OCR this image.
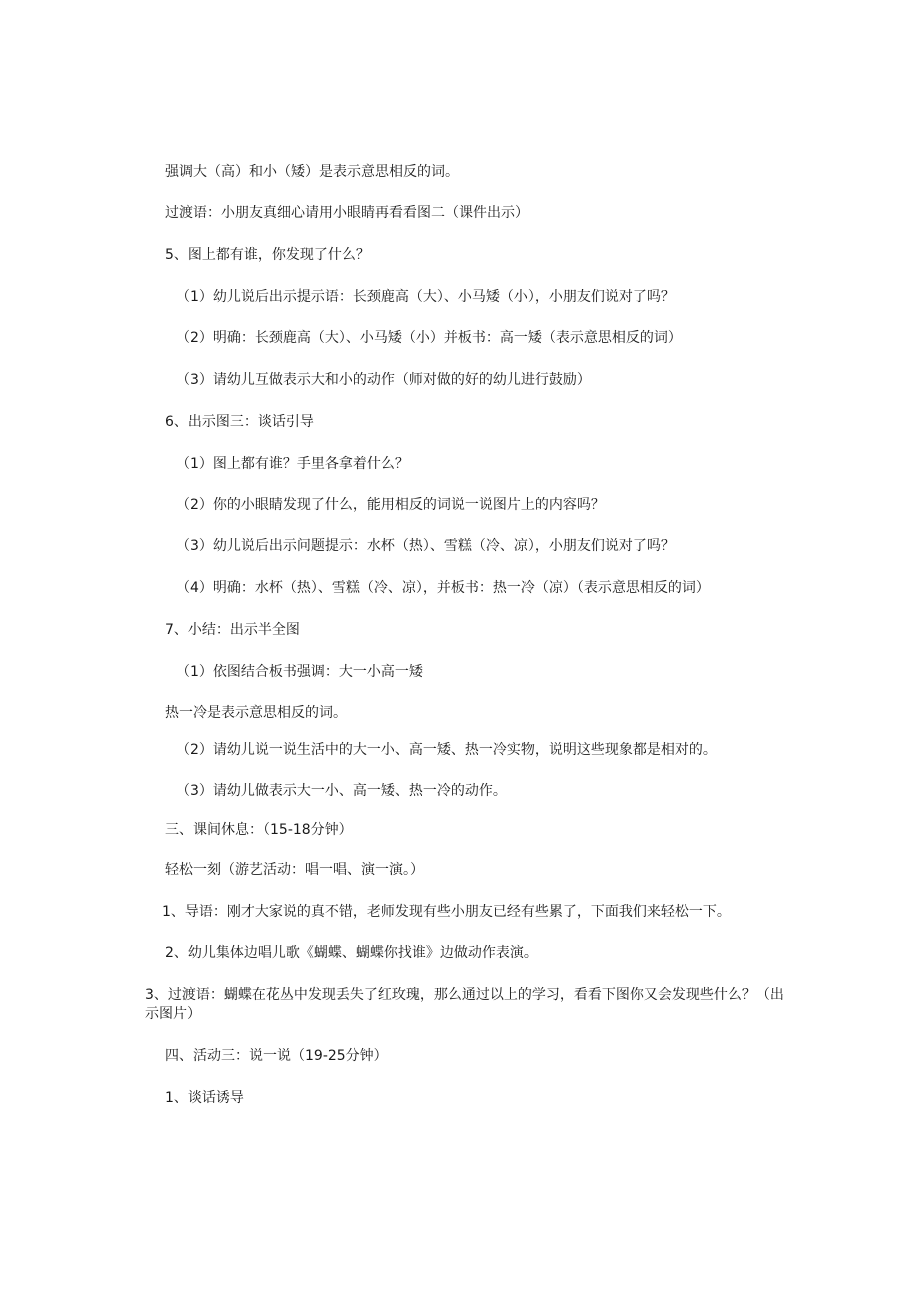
强调大（高）和小（矮）是表示意思相反的词。

过渡语：小朋友真细心请用小眼睛再看看图二（课件出示）

5、图上都有谁，你发现了什么？

（1）幼儿说后出示提示语：长颈鹿高（大）、小马矮（小），小朋友们说对了吗？

（2）明确：长颈鹿高（大）、小马矮（小）并板书：高一矮（表示意思相反的词）

（3）请幼儿互做表示大和小的动作（师对做的好的幼儿进行鼓励）

6、出示图三：谈话引导

（1）图上都有谁？手里各拿着什么？

（2）你的小眼睛发现了什么，能用相反的词说一说图片上的内容吗？

（3）幼儿说后出示问题提示：水杯（热）、雪糕（冷、凉），小朋友们说对了吗？

（4）明确：水杯（热）、雪糕（冷、凉），并板书：热一冷（凉）（表示意思相反的词）

7、小结：出示半全图

（1）依图结合板书强调：大一小高一矮

热一冷是表示意思相反的词。

（2）请幼儿说一说生活中的大一小、高一矮、热一冷实物，说明这些现象都是相对的。

（3）请幼儿做表示大一小、高一矮、热一冷的动作。

三、课间休息：（15-18分钟）

轻松一刻（游艺活动：唱一唱、演一演。）

1、导语：刚才大家说的真不错，老师发现有些小朋友已经有些累了，下面我们来轻松一下。

2、幼儿集体边唱儿歌《蝴蝶、蝴蝶你找谁》边做动作表演。

3、过渡语：蝴蝶在花丛中发现丢失了红玫瑰，那么通过以上的学习，看看下图你又会发现些什么？（出示图片）

四、活动三：说一说（19-25分钟）

1、谈话诱导
